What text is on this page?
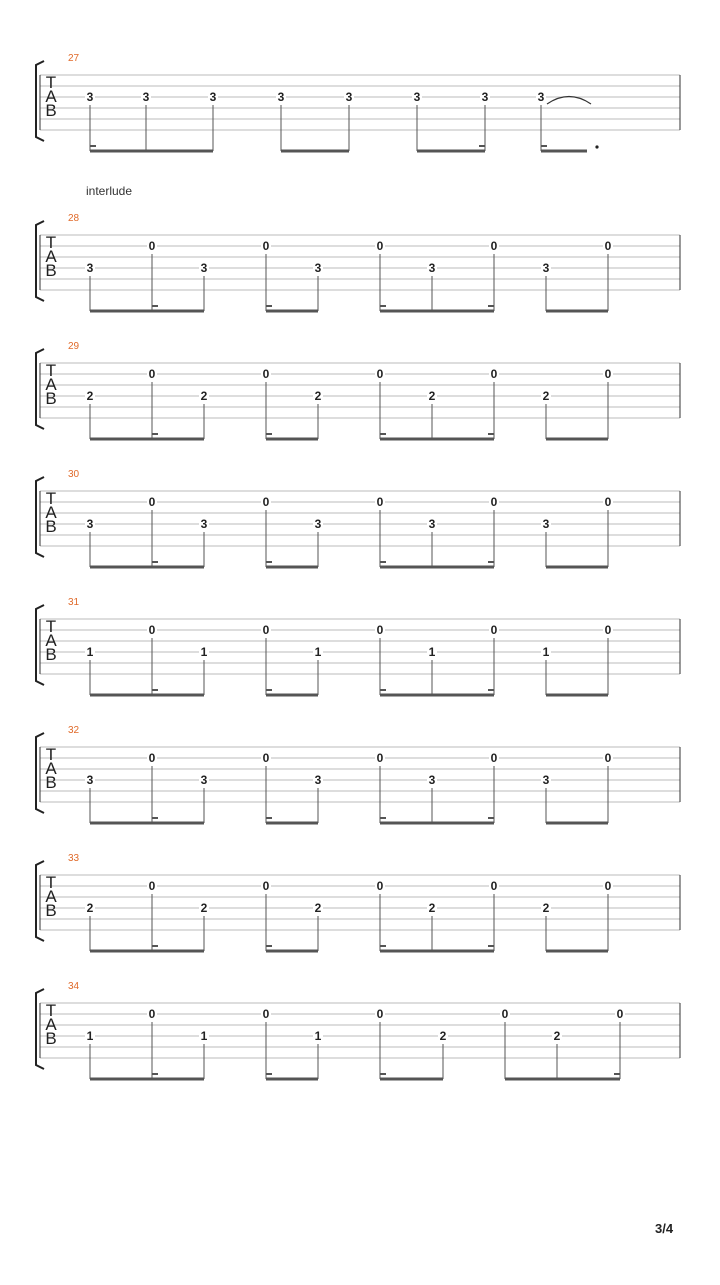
27
T
A
B
3	3	3	3	3	3	3	3
28
T
A
B 3
0
3
0
3
0
3
0
3
0
29
T
A
B 2
0
2
0
2
0
2
0
2
0
30
T
A
B 3
0
3
0
3
0
3
0
3
0
31
T
A
B 1
0
1
0
1
0
1
0
1
0
32
T
A
B 3
0
3
0
3
0
3
0
3
0
33
T
A
B 2
0
2
0
2
0
2
0
2
0
34
T
A
B 1
0
1
0
1
0
2
0
2
0
interlude
3/4
